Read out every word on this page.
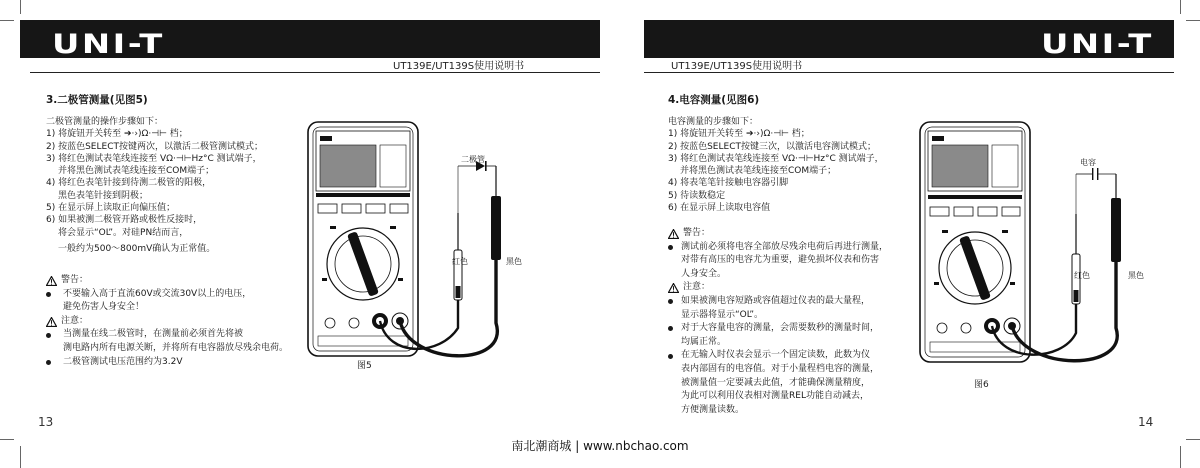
UNI-T
UT139E/UT139S使用说明书
3.二极管测量(见图5)
二极管测量的操作步骤如下：
1) 将旋钮开关转至 ➔·›)Ω·⊣⊢ 档；
2) 按蓝色SELECT按键两次，以激活二极管测试模式；
3) 将红色测试表笔线连接至 VΩ·⊣⊢Hz°C 测试端子，
并将黑色测试表笔线连接至COM端子；
4) 将红色表笔针接到待测二极管的阳极，
黑色表笔针接到阴极；
5) 在显示屏上读取正向偏压值；
6) 如果被测二极管开路或极性反接时，
将会显示“OL”。对硅PN结而言，
一般约为500～800mV确认为正常值。
警告：
不要输入高于直流60V或交流30V以上的电压，
避免伤害人身安全！
注意：
当测量在线二极管时，在测量前必须首先将被
测电路内所有电源关断，并将所有电容器放尽残余电荷。
二极管测试电压范围约为3.2V
二极管
红色	黑色
图5
13
UNI-T
UT139E/UT139S使用说明书
4.电容测量(见图6)
电容测量的步骤如下：
1) 将旋钮开关转至 ➔·›)Ω·⊣⊢ 档；
2) 按蓝色SELECT按键三次，以激活电容测试模式；
3) 将红色测试表笔线连接至 VΩ·⊣⊢Hz°C 测试端子，
并将黑色测试表笔线连接至COM端子；
4) 将表笔笔针接触电容器引脚
5) 待读数稳定
6) 在显示屏上读取电容值
警告：
测试前必须将电容全部放尽残余电荷后再进行测量，
对带有高压的电容尤为重要，避免损坏仪表和伤害
人身安全。
注意：
如果被测电容短路或容值超过仪表的最大量程，
显示器将显示“OL”。
对于大容量电容的测量，会需要数秒的测量时间，
均属正常。
在无输入时仪表会显示一个固定读数，此数为仪
表内部固有的电容值。对于小量程档电容的测量，
被测量值一定要减去此值，才能确保测量精度，
为此可以利用仪表相对测量REL功能自动减去，
方便测量读数。
电容
红色	黑色
图6
14
南北潮商城 | www.nbchao.com
